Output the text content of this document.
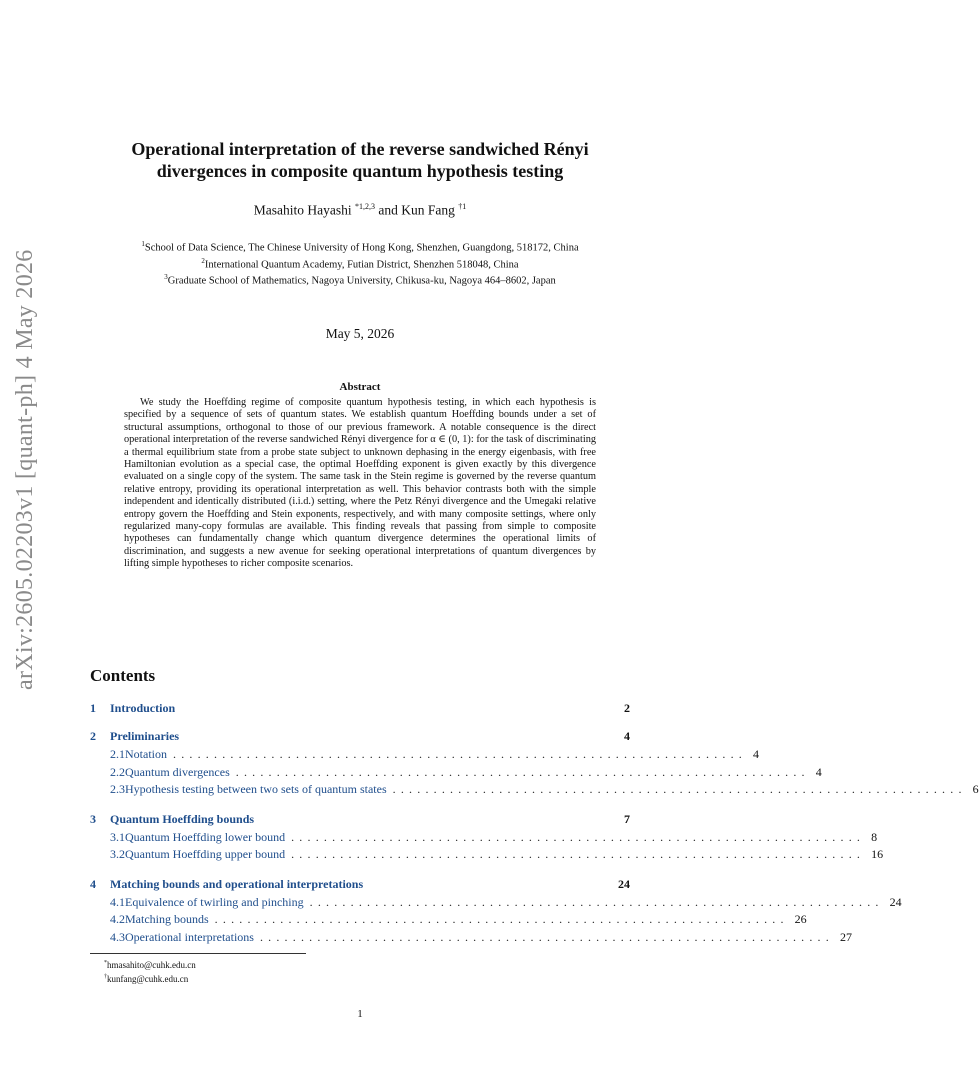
arXiv:2605.02203v1 [quant-ph] 4 May 2026
Operational interpretation of the reverse sandwiched Rényi divergences in composite quantum hypothesis testing
Masahito Hayashi $^{*1,2,3}$ and Kun Fang $^{\dagger 1}$
$^1$School of Data Science, The Chinese University of Hong Kong, Shenzhen, Guangdong, 518172, China
$^2$International Quantum Academy, Futian District, Shenzhen 518048, China
$^3$Graduate School of Mathematics, Nagoya University, Chikusa-ku, Nagoya 464–8602, Japan
May 5, 2026
Abstract
We study the Hoeffding regime of composite quantum hypothesis testing, in which each hypothesis is specified by a sequence of sets of quantum states. We establish quantum Hoeffding bounds under a set of structural assumptions, orthogonal to those of our previous framework. A notable consequence is the direct operational interpretation of the reverse sandwiched Rényi divergence for α ∈ (0, 1): for the task of discriminating a thermal equilibrium state from a probe state subject to unknown dephasing in the energy eigenbasis, with free Hamiltonian evolution as a special case, the optimal Hoeffding exponent is given exactly by this divergence evaluated on a single copy of the system. The same task in the Stein regime is governed by the reverse quantum relative entropy, providing its operational interpretation as well. This behavior contrasts both with the simple independent and identically distributed (i.i.d.) setting, where the Petz Rényi divergence and the Umegaki relative entropy govern the Hoeffding and Stein exponents, respectively, and with many composite settings, where only regularized many-copy formulas are available. This finding reveals that passing from simple to composite hypotheses can fundamentally change which quantum divergence determines the operational limits of discrimination, and suggests a new avenue for seeking operational interpretations of quantum divergences by lifting simple hypotheses to richer composite scenarios.
Contents
1	Introduction	2
2	Preliminaries	4
2.1 Notation ...................................................................... 4
2.2 Quantum divergences ...................................................................... 4
2.3 Hypothesis testing between two sets of quantum states ...................................................................... 6
3	Quantum Hoeffding bounds	7
3.1 Quantum Hoeffding lower bound ...................................................................... 8
3.2 Quantum Hoeffding upper bound ...................................................................... 16
4	Matching bounds and operational interpretations	24
4.1 Equivalence of twirling and pinching ...................................................................... 24
4.2 Matching bounds ...................................................................... 26
4.3 Operational interpretations ...................................................................... 27
*hmasahito@cuhk.edu.cn
†kunfang@cuhk.edu.cn
1
